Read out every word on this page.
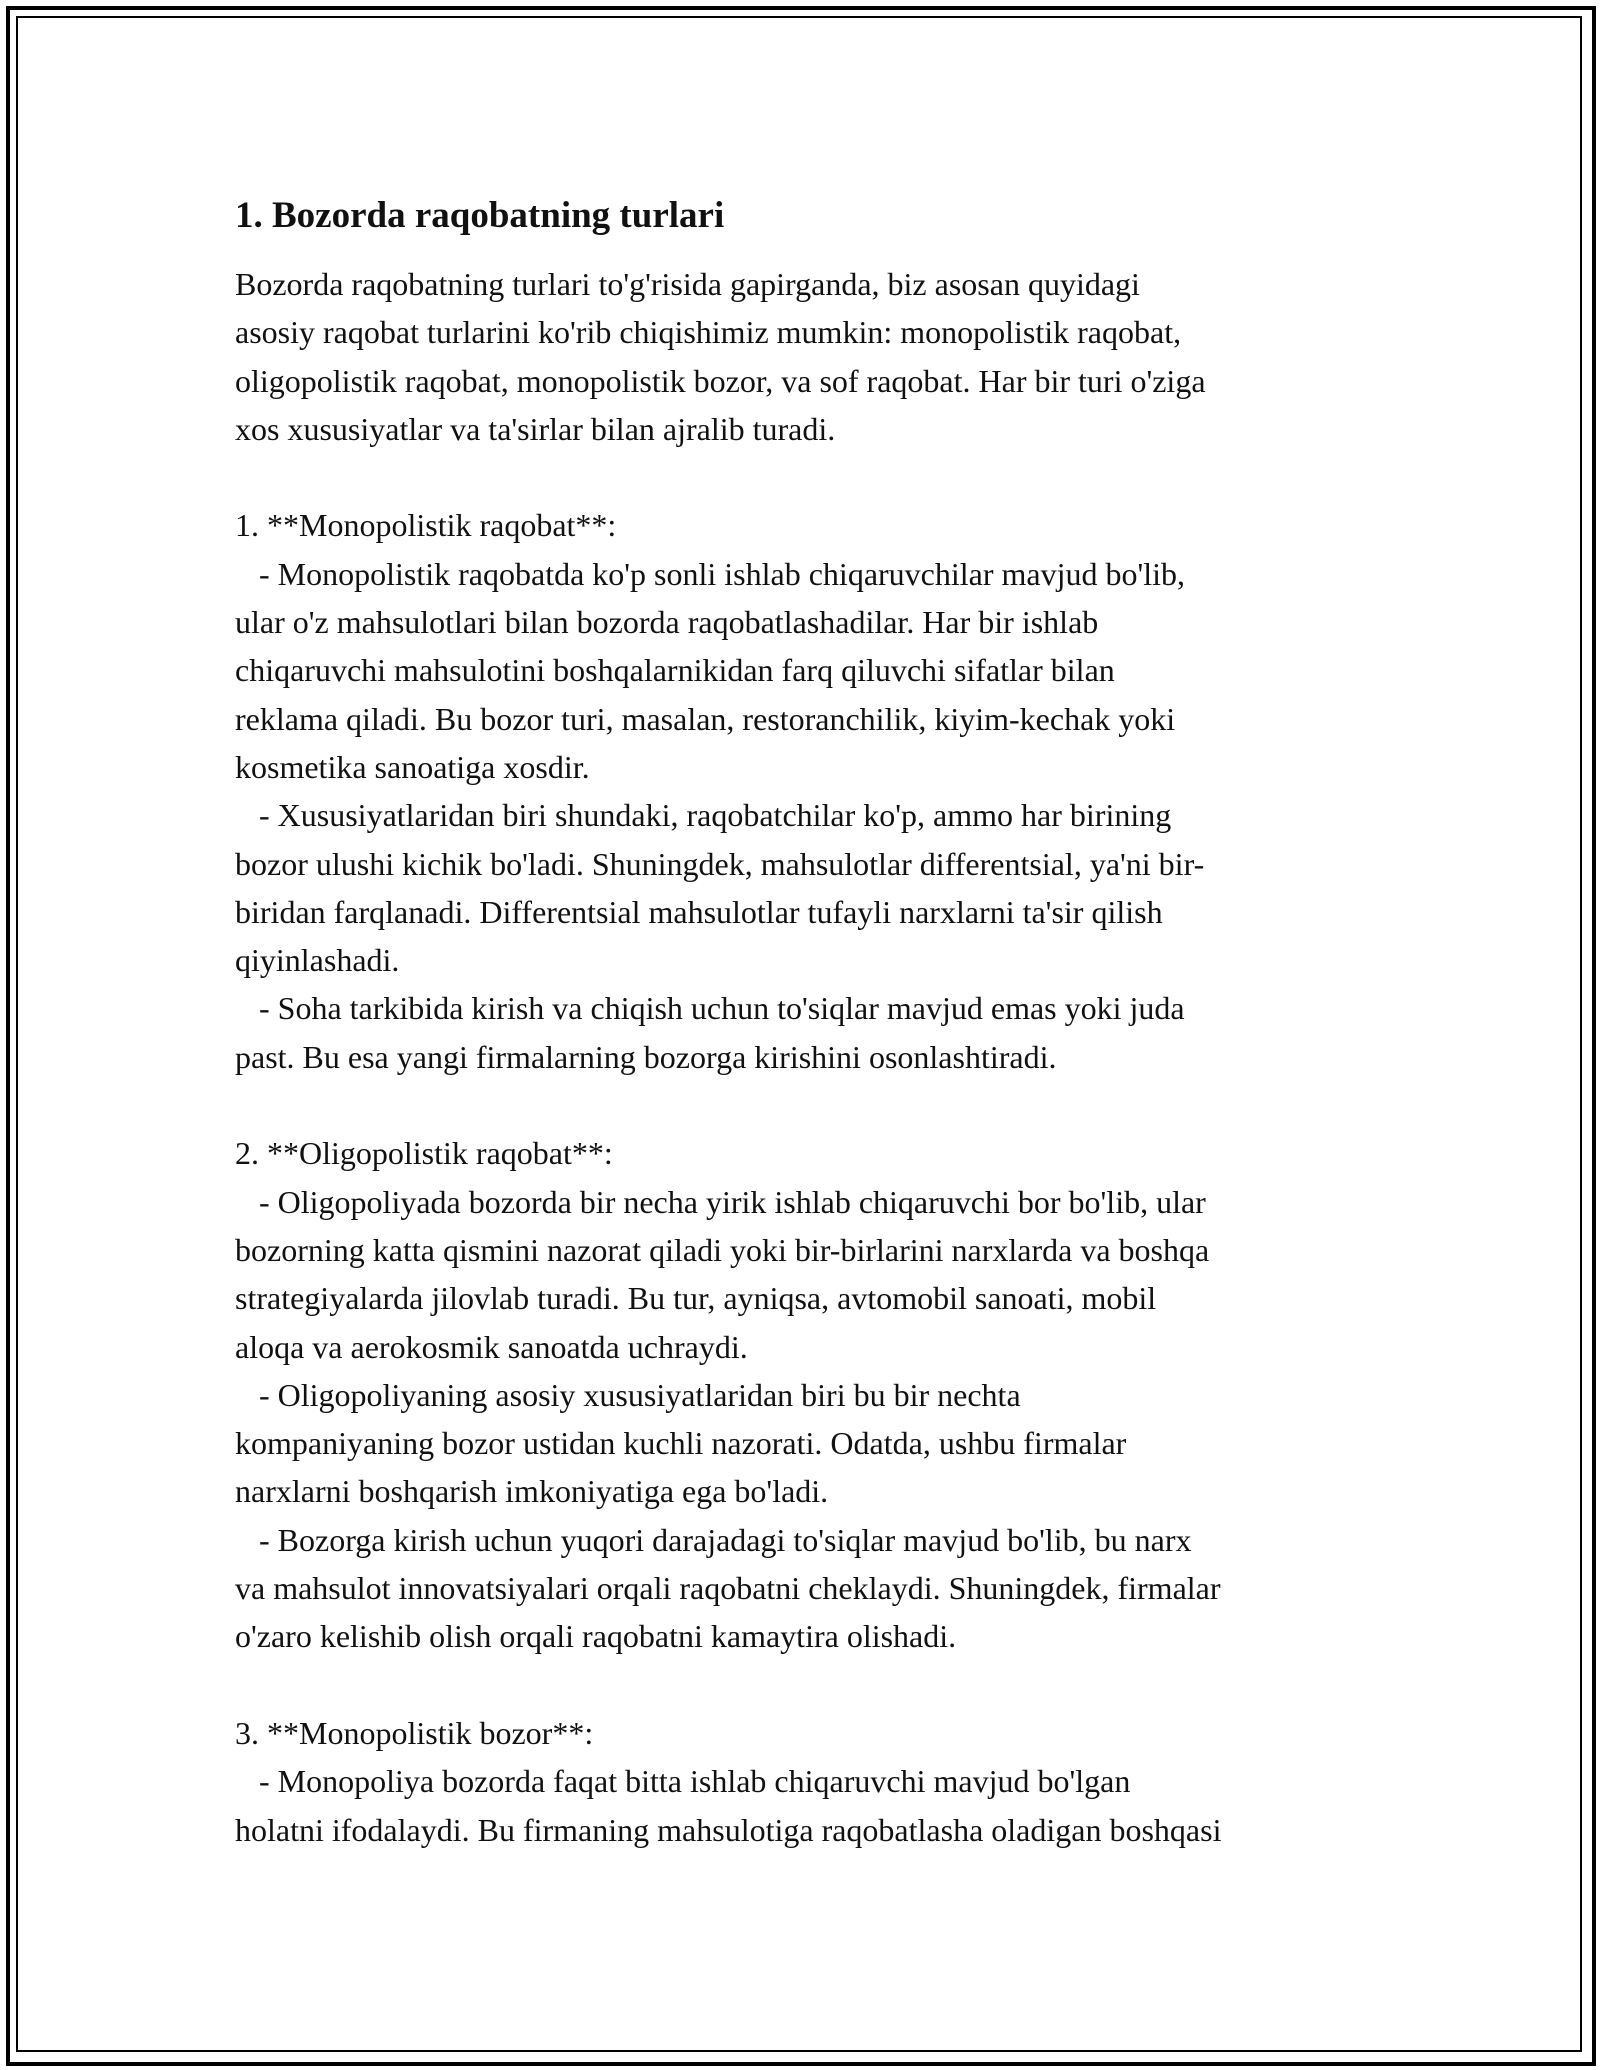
1. Bozorda raqobatning turlari
Bozorda raqobatning turlari to'g'risida gapirganda, biz asosan quyidagi
asosiy raqobat turlarini ko'rib chiqishimiz mumkin: monopolistik raqobat,
oligopolistik raqobat, monopolistik bozor, va sof raqobat. Har bir turi o'ziga
xos xususiyatlar va ta'sirlar bilan ajralib turadi.
1. **Monopolistik raqobat**:
- Monopolistik raqobatda ko'p sonli ishlab chiqaruvchilar mavjud bo'lib,
ular o'z mahsulotlari bilan bozorda raqobatlashadilar. Har bir ishlab
chiqaruvchi mahsulotini boshqalarnikidan farq qiluvchi sifatlar bilan
reklama qiladi. Bu bozor turi, masalan, restoranchilik, kiyim-kechak yoki
kosmetika sanoatiga xosdir.
- Xususiyatlaridan biri shundaki, raqobatchilar ko'p, ammo har birining
bozor ulushi kichik bo'ladi. Shuningdek, mahsulotlar differentsial, ya'ni bir-
biridan farqlanadi. Differentsial mahsulotlar tufayli narxlarni ta'sir qilish
qiyinlashadi.
- Soha tarkibida kirish va chiqish uchun to'siqlar mavjud emas yoki juda
past. Bu esa yangi firmalarning bozorga kirishini osonlashtiradi.
2. **Oligopolistik raqobat**:
- Oligopoliyada bozorda bir necha yirik ishlab chiqaruvchi bor bo'lib, ular
bozorning katta qismini nazorat qiladi yoki bir-birlarini narxlarda va boshqa
strategiyalarda jilovlab turadi. Bu tur, ayniqsa, avtomobil sanoati, mobil
aloqa va aerokosmik sanoatda uchraydi.
- Oligopoliyaning asosiy xususiyatlaridan biri bu bir nechta
kompaniyaning bozor ustidan kuchli nazorati. Odatda, ushbu firmalar
narxlarni boshqarish imkoniyatiga ega bo'ladi.
- Bozorga kirish uchun yuqori darajadagi to'siqlar mavjud bo'lib, bu narx
va mahsulot innovatsiyalari orqali raqobatni cheklaydi. Shuningdek, firmalar
o'zaro kelishib olish orqali raqobatni kamaytira olishadi.
3. **Monopolistik bozor**:
- Monopoliya bozorda faqat bitta ishlab chiqaruvchi mavjud bo'lgan
holatni ifodalaydi. Bu firmaning mahsulotiga raqobatlasha oladigan boshqasi
